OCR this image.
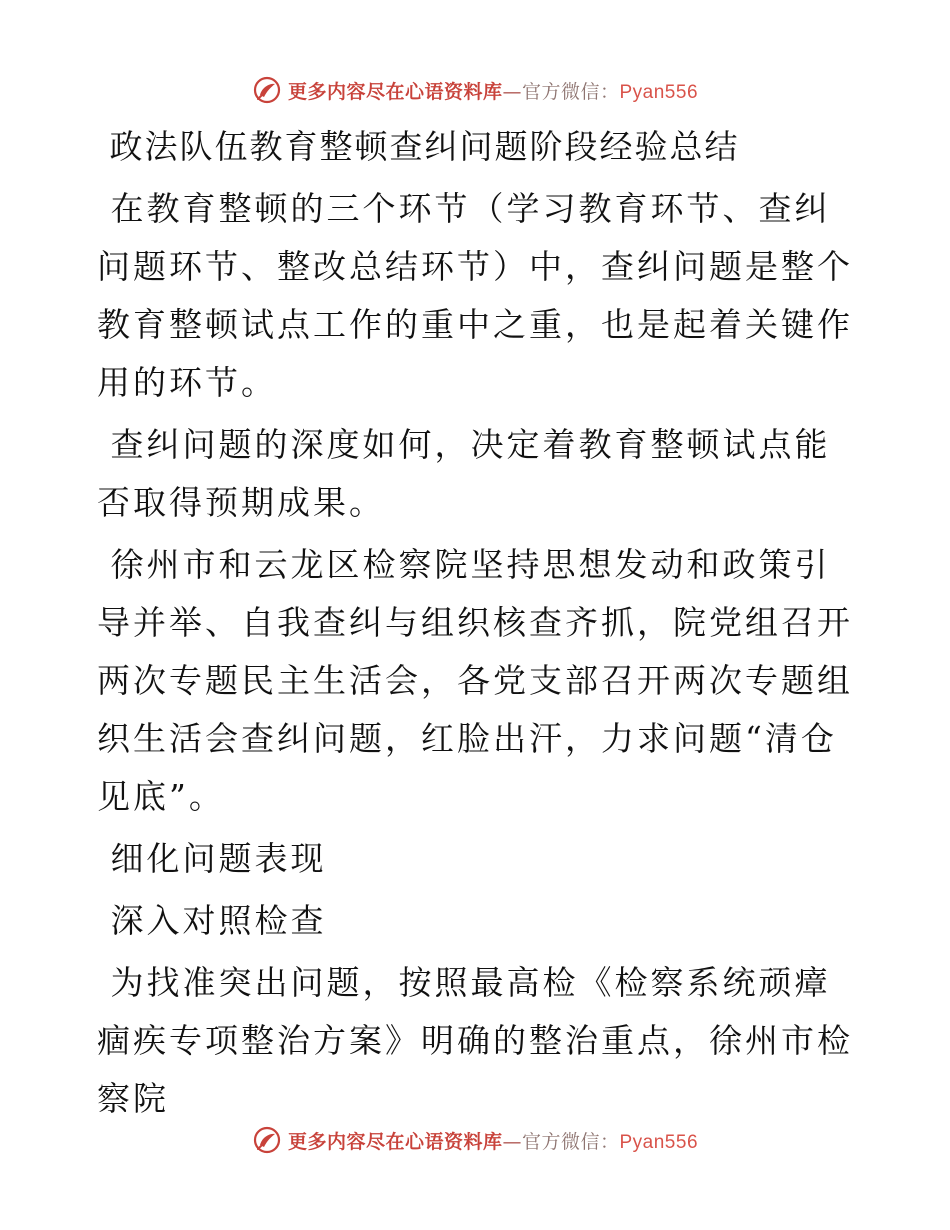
更多内容尽在心语资料库—官方微信：Pyan556

政法队伍教育整顿查纠问题阶段经验总结

在教育整顿的三个环节（学习教育环节、查纠问题环节、整改总结环节）中，查纠问题是整个教育整顿试点工作的重中之重，也是起着关键作用的环节。

查纠问题的深度如何，决定着教育整顿试点能否取得预期成果。

徐州市和云龙区检察院坚持思想发动和政策引导并举、自我查纠与组织核查齐抓，院党组召开两次专题民主生活会，各党支部召开两次专题组织生活会查纠问题，红脸出汗，力求问题“清仓见底”。

细化问题表现

深入对照检查

为找准突出问题，按照最高检《检察系统顽瘴痼疾专项整治方案》明确的整治重点，徐州市检察院

更多内容尽在心语资料库—官方微信：Pyan556
